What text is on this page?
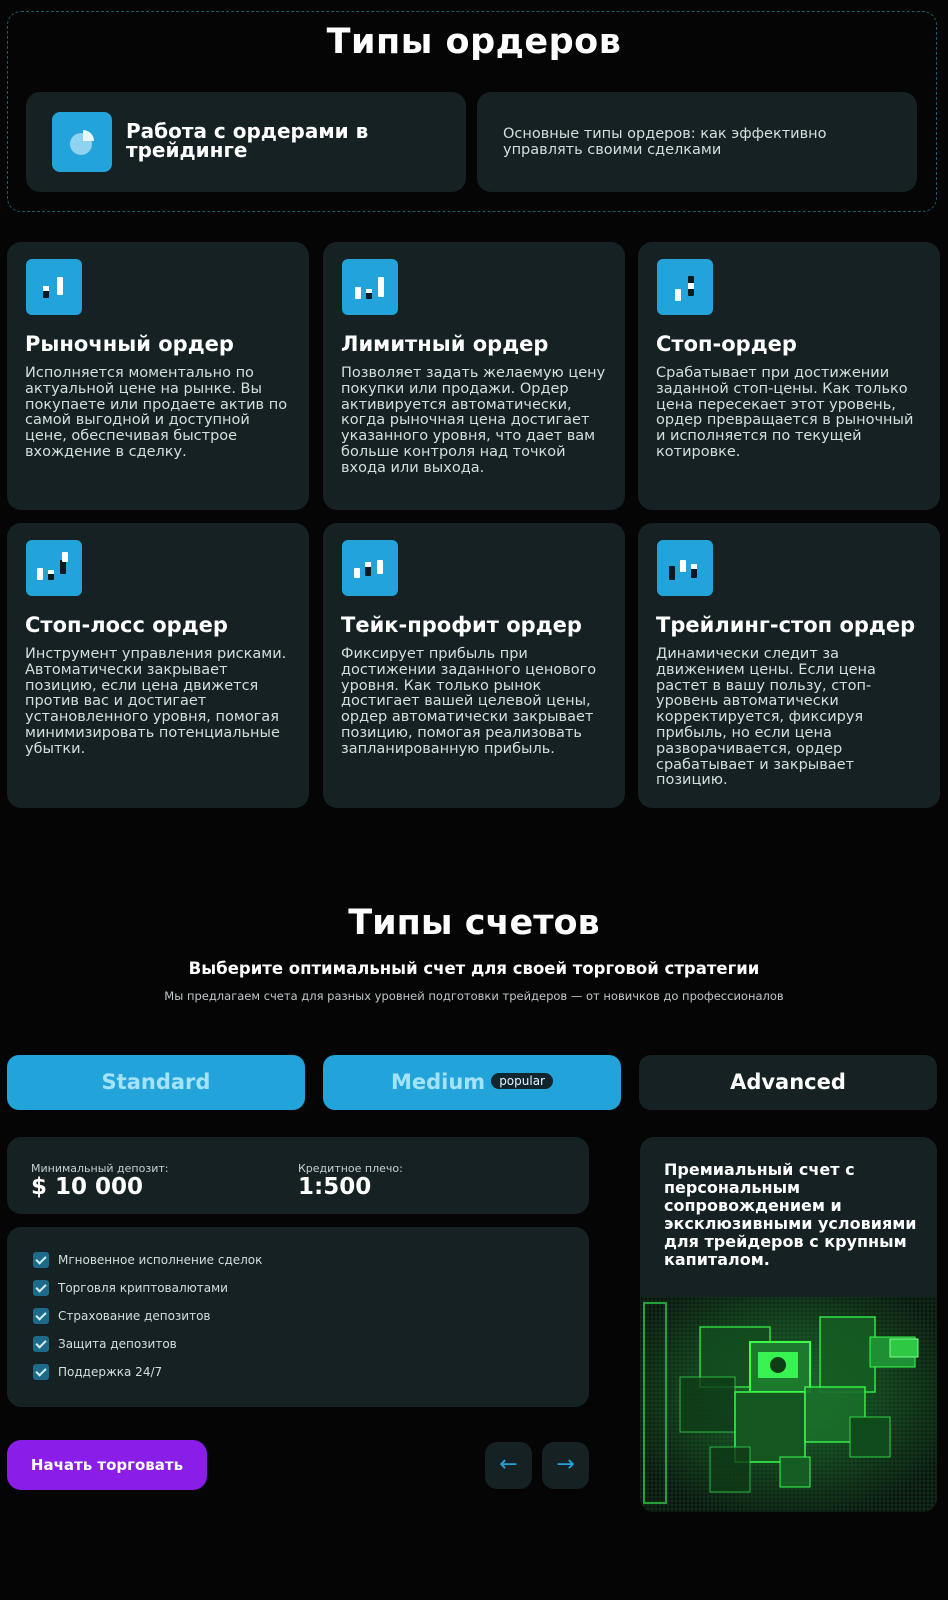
Типы ордеров
Работа с ордерами в трейдинге
Основные типы ордеров: как эффективно управлять своими сделками
Рыночный ордер
Исполняется моментально по актуальной цене на рынке. Вы покупаете или продаете актив по самой выгодной и доступной цене, обеспечивая быстрое вхождение в сделку.
Лимитный ордер
Позволяет задать желаемую цену покупки или продажи. Ордер активируется автоматически, когда рыночная цена достигает указанного уровня, что дает вам больше контроля над точкой входа или выхода.
Стоп-ордер
Срабатывает при достижении заданной стоп-цены. Как только цена пересекает этот уровень, ордер превращается в рыночный и исполняется по текущей котировке.
Стоп-лосс ордер
Инструмент управления рисками. Автоматически закрывает позицию, если цена движется против вас и достигает установленного уровня, помогая минимизировать потенциальные убытки.
Тейк-профит ордер
Фиксирует прибыль при достижении заданного ценового уровня. Как только рынок достигает вашей целевой цены, ордер автоматически закрывает позицию, помогая реализовать запланированную прибыль.
Трейлинг-стоп ордер
Динамически следит за движением цены. Если цена растет в вашу пользу, стоп-уровень автоматически корректируется, фиксируя прибыль, но если цена разворачивается, ордер срабатывает и закрывает позицию.
Типы счетов
Выберите оптимальный счет для своей торговой стратегии
Мы предлагаем счета для разных уровней подготовки трейдеров — от новичков до профессионалов
Standard	Medium popular	Advanced
Минимальный депозит:
$ 10 000
Кредитное плечо:
1:500
Мгновенное исполнение сделок
Торговля криптовалютами
Страхование депозитов
Защита депозитов
Поддержка 24/7
Начать торговать	←	→
Премиальный счет с персональным сопровождением и эксклюзивными условиями для трейдеров с крупным капиталом.
